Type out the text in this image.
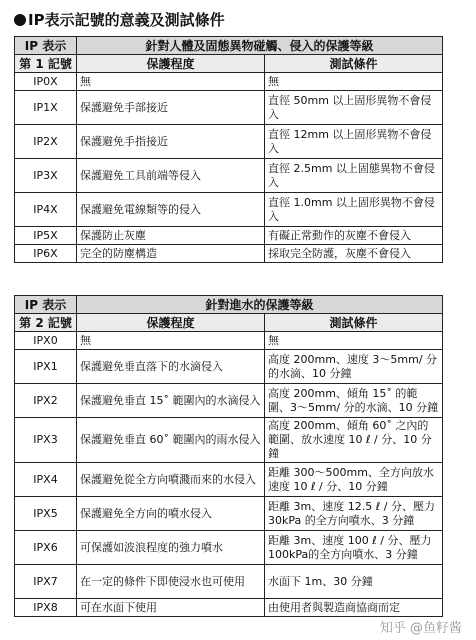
IP表示記號的意義及測試條件
IP 表示	針對人體及固態異物碰觸、侵入的保護等級	
第 1 記號	保護程度	測試條件
IP0X	無	無
IP1X	保護避免手部接近	直徑 50mm 以上固形異物不會侵入
IP2X	保護避免手指接近	直徑 12mm 以上固形異物不會侵入
IP3X	保護避免工具前端等侵入	直徑 2.5mm 以上固態異物不會侵入
IP4X	保護避免電線類等的侵入	直徑 1.0mm 以上固形異物不會侵入
IP5X	保護防止灰塵	有礙正常動作的灰塵不會侵入
IP6X	完全的防塵構造	採取完全防護，灰塵不會侵入
IP 表示	針對進水的保護等級	
第 2 記號	保護程度	測試條件
IPX0	無	無
IPX1	保護避免垂直落下的水滴侵入	高度 200mm、速度 3～5mm/ 分的水滴、10 分鐘
IPX2	保護避免垂直 15˚ 範圍內的水滴侵入	高度 200mm、傾角 15˚ 的範圍、3～5mm/ 分的水滴、10 分鐘
IPX3	保護避免垂直 60˚ 範圍內的雨水侵入	高度 200mm、傾角 60˚ 之內的範圍、放水速度 10 ℓ / 分、10 分鐘
IPX4	保護避免從全方向噴濺而來的水侵入	距離 300～500mm、全方向放水速度 10 ℓ / 分、10 分鐘
IPX5	保護避免全方向的噴水侵入	距離 3m、速度 12.5 ℓ / 分、壓力 30kPa 的全方向噴水、3 分鐘
IPX6	可保護如波浪程度的強力噴水	距離 3m、速度 100 ℓ / 分、壓力 100kPa的全方向噴水、3 分鐘
IPX7	在一定的條件下即使浸水也可使用	水面下 1m、30 分鐘
IPX8	可在水面下使用	由使用者與製造商協商而定
知乎 @鱼籽酱
